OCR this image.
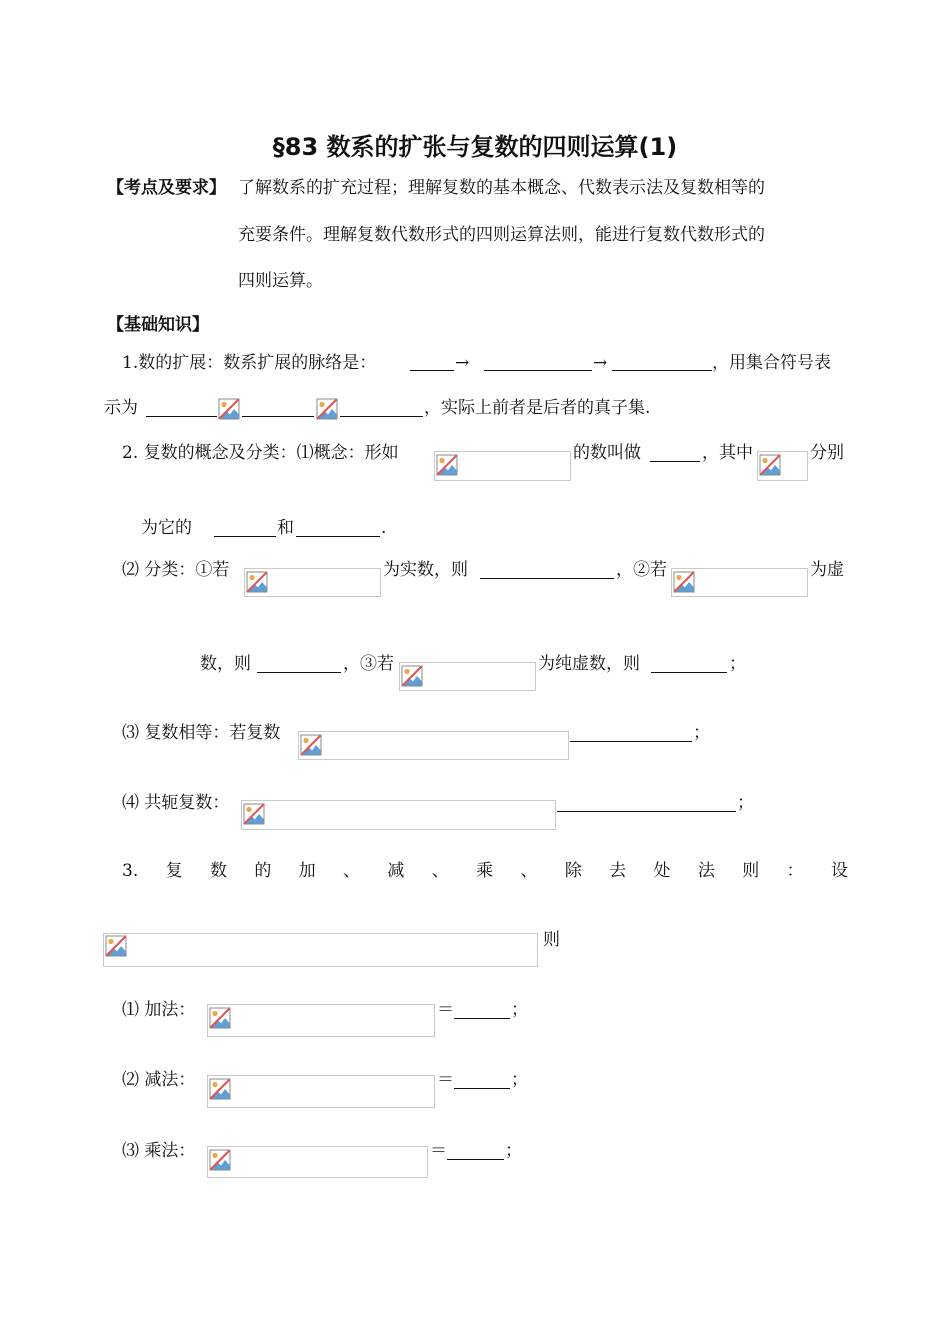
§83 数系的扩张与复数的四则运算(1)
【考点及要求】 了解数系的扩充过程；理解复数的基本概念、代数表示法及复数相等的
充要条件。理解复数代数形式的四则运算法则，能进行复数代数形式的
四则运算。
【基础知识】
1.数的扩展：数系扩展的脉络是：	→	→	，用集合符号表
示为	，实际上前者是后者的真子集.
2. 复数的概念及分类：⑴概念：形如	的数叫做	，其中	分别
为它的	和	.
⑵ 分类：①若	为实数，则	，②若	为虚
数，则	，③若	为纯虚数，则	；
⑶ 复数相等：若复数	；
⑷ 共轭复数：	；
3. 复 数 的 加 、 减 、 乘 、 除 去 处 法 则 ： 设
则
⑴ 加法：	＝	；
⑵ 减法：	＝	；
⑶ 乘法：	＝	；
